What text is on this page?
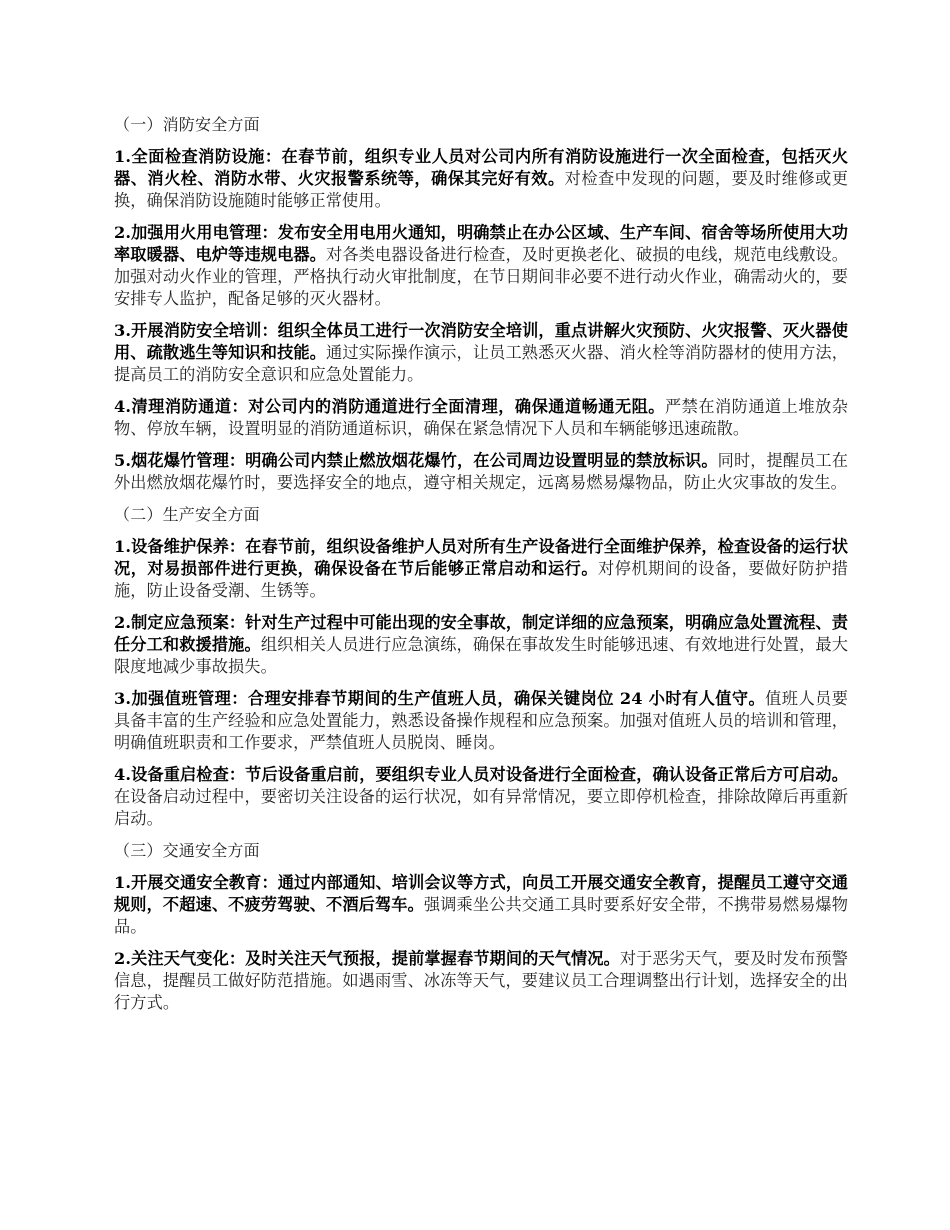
（一）消防安全方面

1.全面检查消防设施：在春节前，组织专业人员对公司内所有消防设施进行一次全面检查，包括灭火器、消火栓、消防水带、火灾报警系统等，确保其完好有效。对检查中发现的问题，要及时维修或更换，确保消防设施随时能够正常使用。

2.加强用火用电管理：发布安全用电用火通知，明确禁止在办公区域、生产车间、宿舍等场所使用大功率取暖器、电炉等违规电器。对各类电器设备进行检查，及时更换老化、破损的电线，规范电线敷设。加强对动火作业的管理，严格执行动火审批制度，在节日期间非必要不进行动火作业，确需动火的，要安排专人监护，配备足够的灭火器材。

3.开展消防安全培训：组织全体员工进行一次消防安全培训，重点讲解火灾预防、火灾报警、灭火器使用、疏散逃生等知识和技能。通过实际操作演示，让员工熟悉灭火器、消火栓等消防器材的使用方法，提高员工的消防安全意识和应急处置能力。

4.清理消防通道：对公司内的消防通道进行全面清理，确保通道畅通无阻。严禁在消防通道上堆放杂物、停放车辆，设置明显的消防通道标识，确保在紧急情况下人员和车辆能够迅速疏散。

5.烟花爆竹管理：明确公司内禁止燃放烟花爆竹，在公司周边设置明显的禁放标识。同时，提醒员工在外出燃放烟花爆竹时，要选择安全的地点，遵守相关规定，远离易燃易爆物品，防止火灾事故的发生。

（二）生产安全方面

1.设备维护保养：在春节前，组织设备维护人员对所有生产设备进行全面维护保养，检查设备的运行状况，对易损部件进行更换，确保设备在节后能够正常启动和运行。对停机期间的设备，要做好防护措施，防止设备受潮、生锈等。

2.制定应急预案：针对生产过程中可能出现的安全事故，制定详细的应急预案，明确应急处置流程、责任分工和救援措施。组织相关人员进行应急演练，确保在事故发生时能够迅速、有效地进行处置，最大限度地减少事故损失。

3.加强值班管理：合理安排春节期间的生产值班人员，确保关键岗位 24 小时有人值守。值班人员要具备丰富的生产经验和应急处置能力，熟悉设备操作规程和应急预案。加强对值班人员的培训和管理，明确值班职责和工作要求，严禁值班人员脱岗、睡岗。

4.设备重启检查：节后设备重启前，要组织专业人员对设备进行全面检查，确认设备正常后方可启动。在设备启动过程中，要密切关注设备的运行状况，如有异常情况，要立即停机检查，排除故障后再重新启动。

（三）交通安全方面

1.开展交通安全教育：通过内部通知、培训会议等方式，向员工开展交通安全教育，提醒员工遵守交通规则，不超速、不疲劳驾驶、不酒后驾车。强调乘坐公共交通工具时要系好安全带，不携带易燃易爆物品。

2.关注天气变化：及时关注天气预报，提前掌握春节期间的天气情况。对于恶劣天气，要及时发布预警信息，提醒员工做好防范措施。如遇雨雪、冰冻等天气，要建议员工合理调整出行计划，选择安全的出行方式。
